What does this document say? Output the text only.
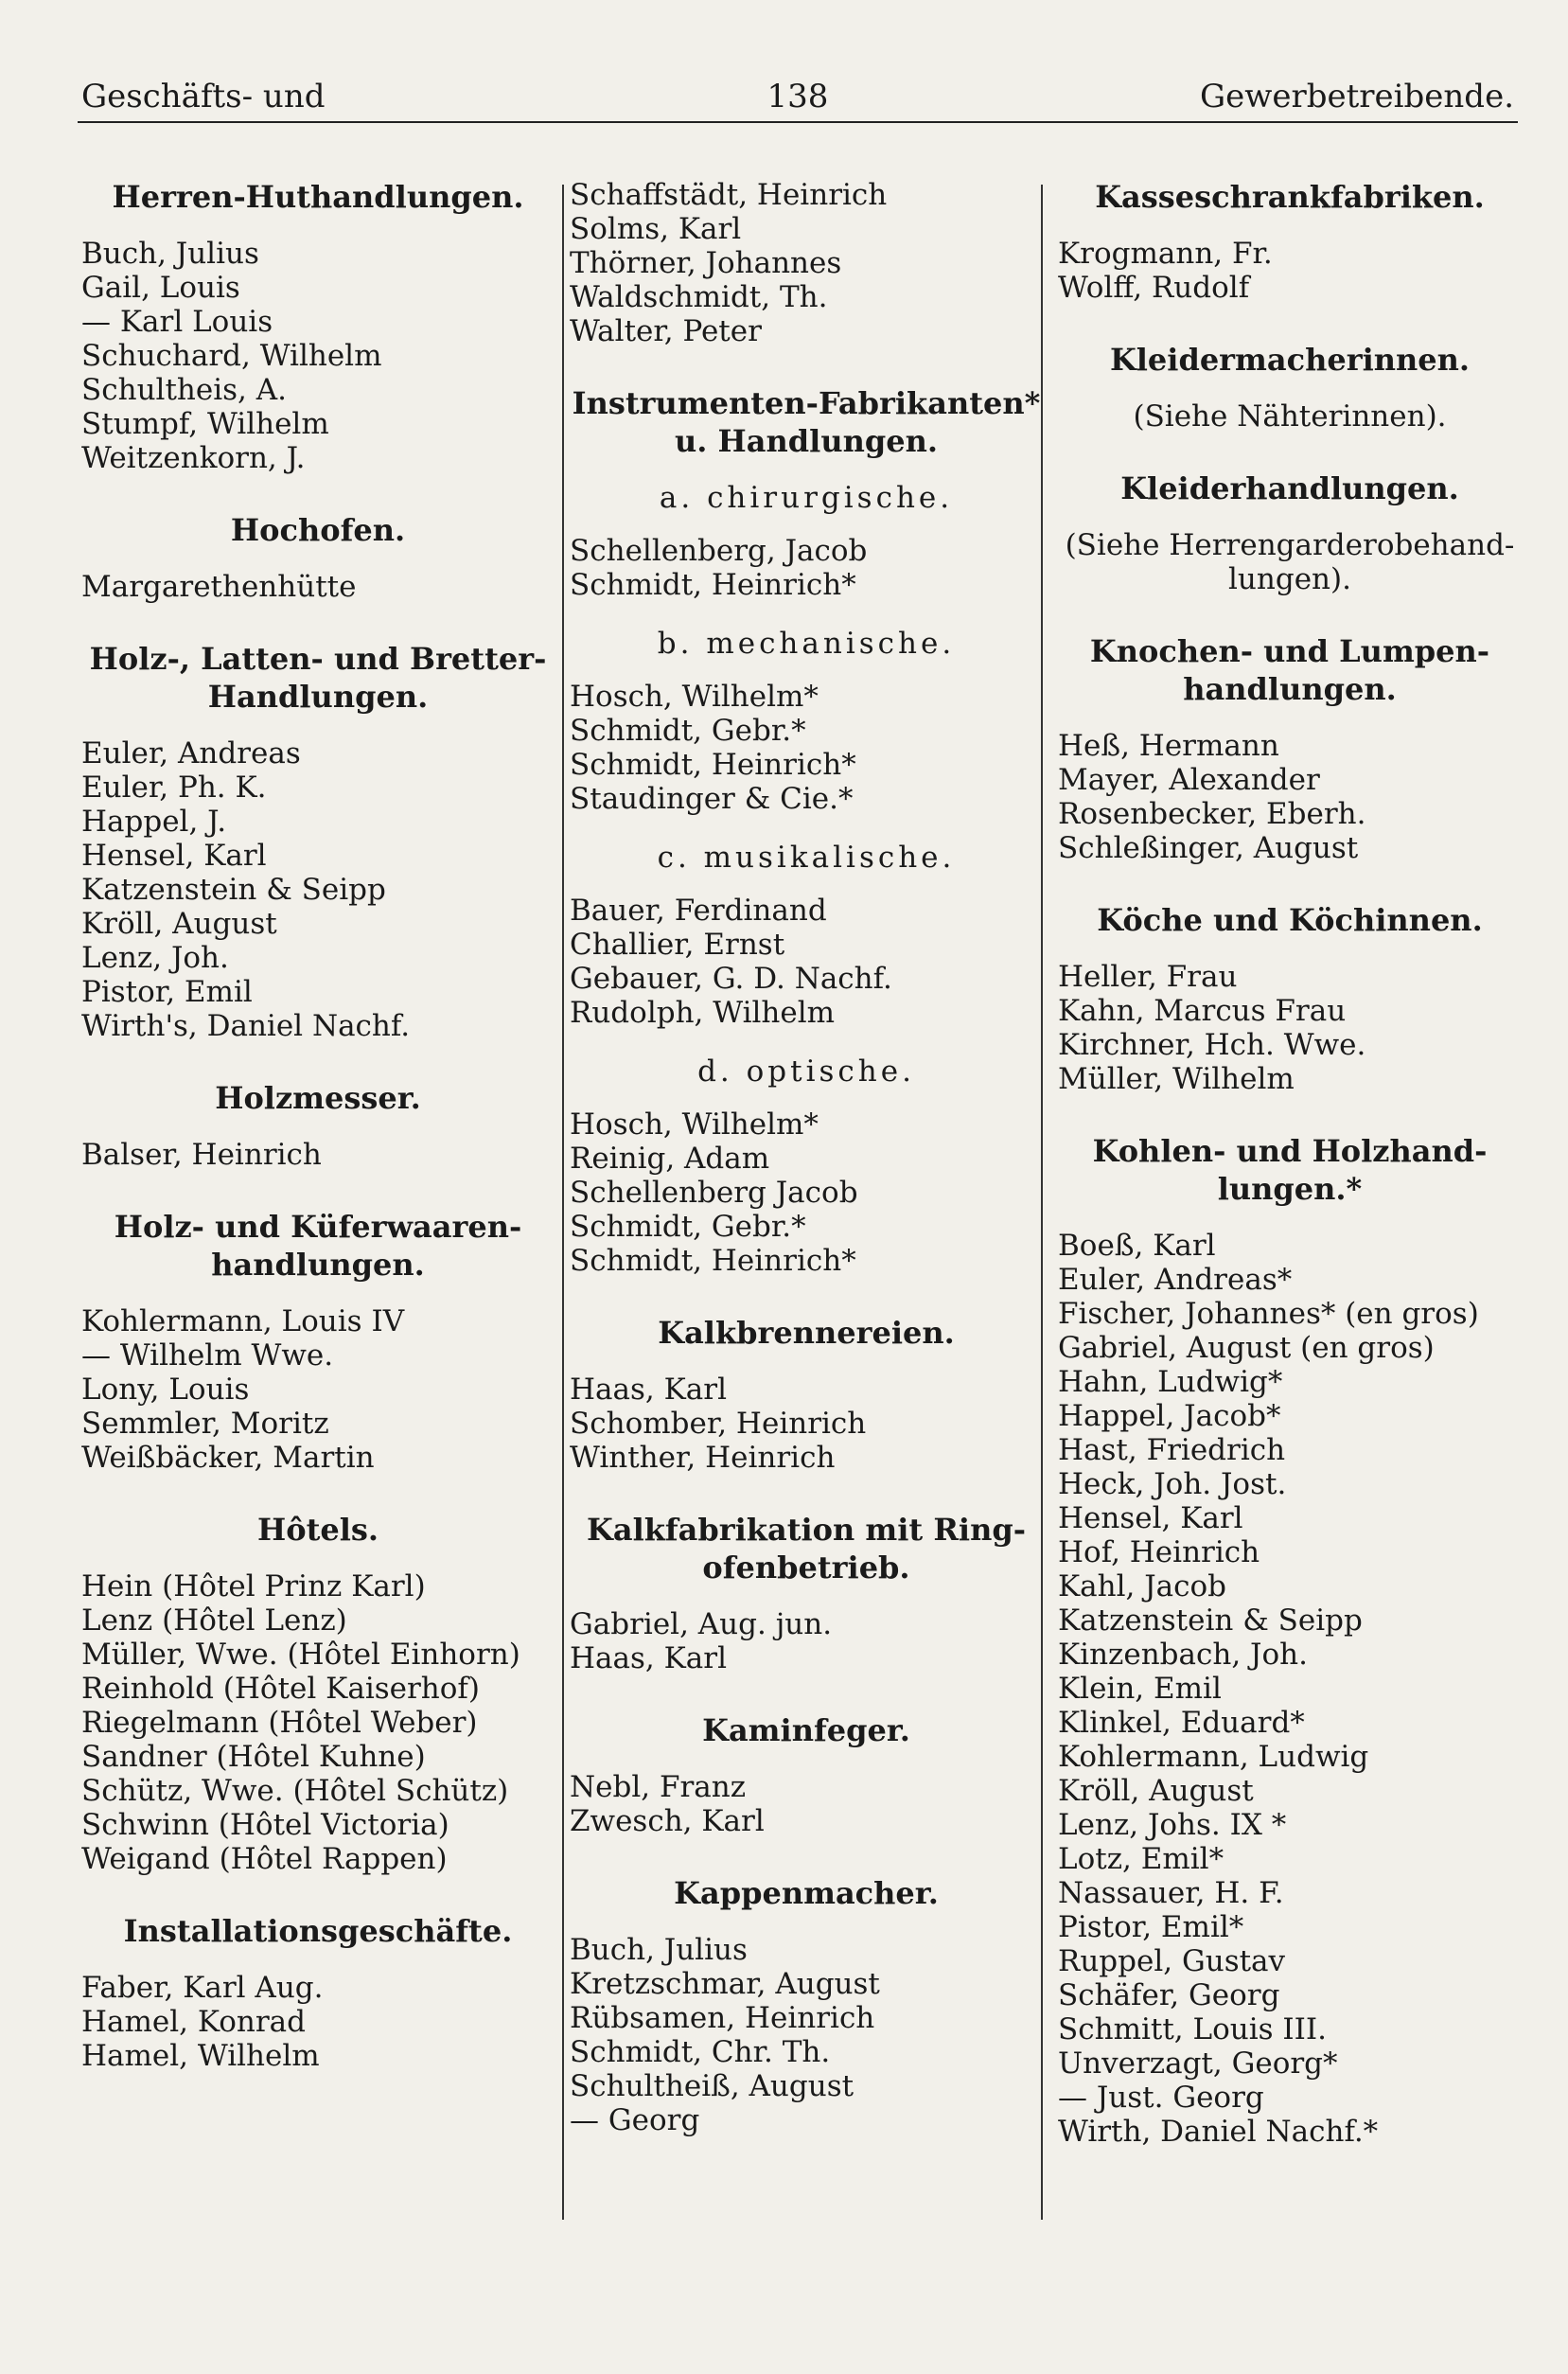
Geschäfts- und	138	Gewerbetreibende.
Herren-Huthandlungen.
Buch, Julius
Gail, Louis
— Karl Louis
Schuchard, Wilhelm
Schultheis, A.
Stumpf, Wilhelm
Weitzenkorn, J.
Hochofen.
Margarethenhütte
Holz-, Latten- und Bretter-Handlungen.
Euler, Andreas
Euler, Ph. K.
Happel, J.
Hensel, Karl
Katzenstein & Seipp
Kröll, August
Lenz, Joh.
Pistor, Emil
Wirth's, Daniel Nachf.
Holzmesser.
Balser, Heinrich
Holz- und Küferwaaren-handlungen.
Kohlermann, Louis IV
— Wilhelm Wwe.
Lony, Louis
Semmler, Moritz
Weißbäcker, Martin
Hôtels.
Hein (Hôtel Prinz Karl)
Lenz (Hôtel Lenz)
Müller, Wwe. (Hôtel Einhorn)
Reinhold (Hôtel Kaiserhof)
Riegelmann (Hôtel Weber)
Sandner (Hôtel Kuhne)
Schütz, Wwe. (Hôtel Schütz)
Schwinn (Hôtel Victoria)
Weigand (Hôtel Rappen)
Installationsgeschäfte.
Faber, Karl Aug.
Hamel, Konrad
Hamel, Wilhelm
Schaffstädt, Heinrich
Solms, Karl
Thörner, Johannes
Waldschmidt, Th.
Walter, Peter
Instrumenten-Fabrikanten* u. Handlungen.
a. chirurgische.
Schellenberg, Jacob
Schmidt, Heinrich*
b. mechanische.
Hosch, Wilhelm*
Schmidt, Gebr.*
Schmidt, Heinrich*
Staudinger & Cie.*
c. musikalische.
Bauer, Ferdinand
Challier, Ernst
Gebauer, G. D. Nachf.
Rudolph, Wilhelm
d. optische.
Hosch, Wilhelm*
Reinig, Adam
Schellenberg Jacob
Schmidt, Gebr.*
Schmidt, Heinrich*
Kalkbrennereien.
Haas, Karl
Schomber, Heinrich
Winther, Heinrich
Kalkfabrikation mit Ring-ofenbetrieb.
Gabriel, Aug. jun.
Haas, Karl
Kaminfeger.
Nebl, Franz
Zwesch, Karl
Kappenmacher.
Buch, Julius
Kretzschmar, August
Rübsamen, Heinrich
Schmidt, Chr. Th.
Schultheiß, August
— Georg
Kasseschrankfabriken.
Krogmann, Fr.
Wolff, Rudolf
Kleidermacherinnen.
(Siehe Nähterinnen).
Kleiderhandlungen.
(Siehe Herrengarderobehand-lungen).
Knochen- und Lumpen-handlungen.
Heß, Hermann
Mayer, Alexander
Rosenbecker, Eberh.
Schleßinger, August
Köche und Köchinnen.
Heller, Frau
Kahn, Marcus Frau
Kirchner, Hch. Wwe.
Müller, Wilhelm
Kohlen- und Holzhand-lungen.*
Boeß, Karl
Euler, Andreas*
Fischer, Johannes* (en gros)
Gabriel, August (en gros)
Hahn, Ludwig*
Happel, Jacob*
Hast, Friedrich
Heck, Joh. Jost.
Hensel, Karl
Hof, Heinrich
Kahl, Jacob
Katzenstein & Seipp
Kinzenbach, Joh.
Klein, Emil
Klinkel, Eduard*
Kohlermann, Ludwig
Kröll, August
Lenz, Johs. IX *
Lotz, Emil*
Nassauer, H. F.
Pistor, Emil*
Ruppel, Gustav
Schäfer, Georg
Schmitt, Louis III.
Unverzagt, Georg*
— Just. Georg
Wirth, Daniel Nachf.*
